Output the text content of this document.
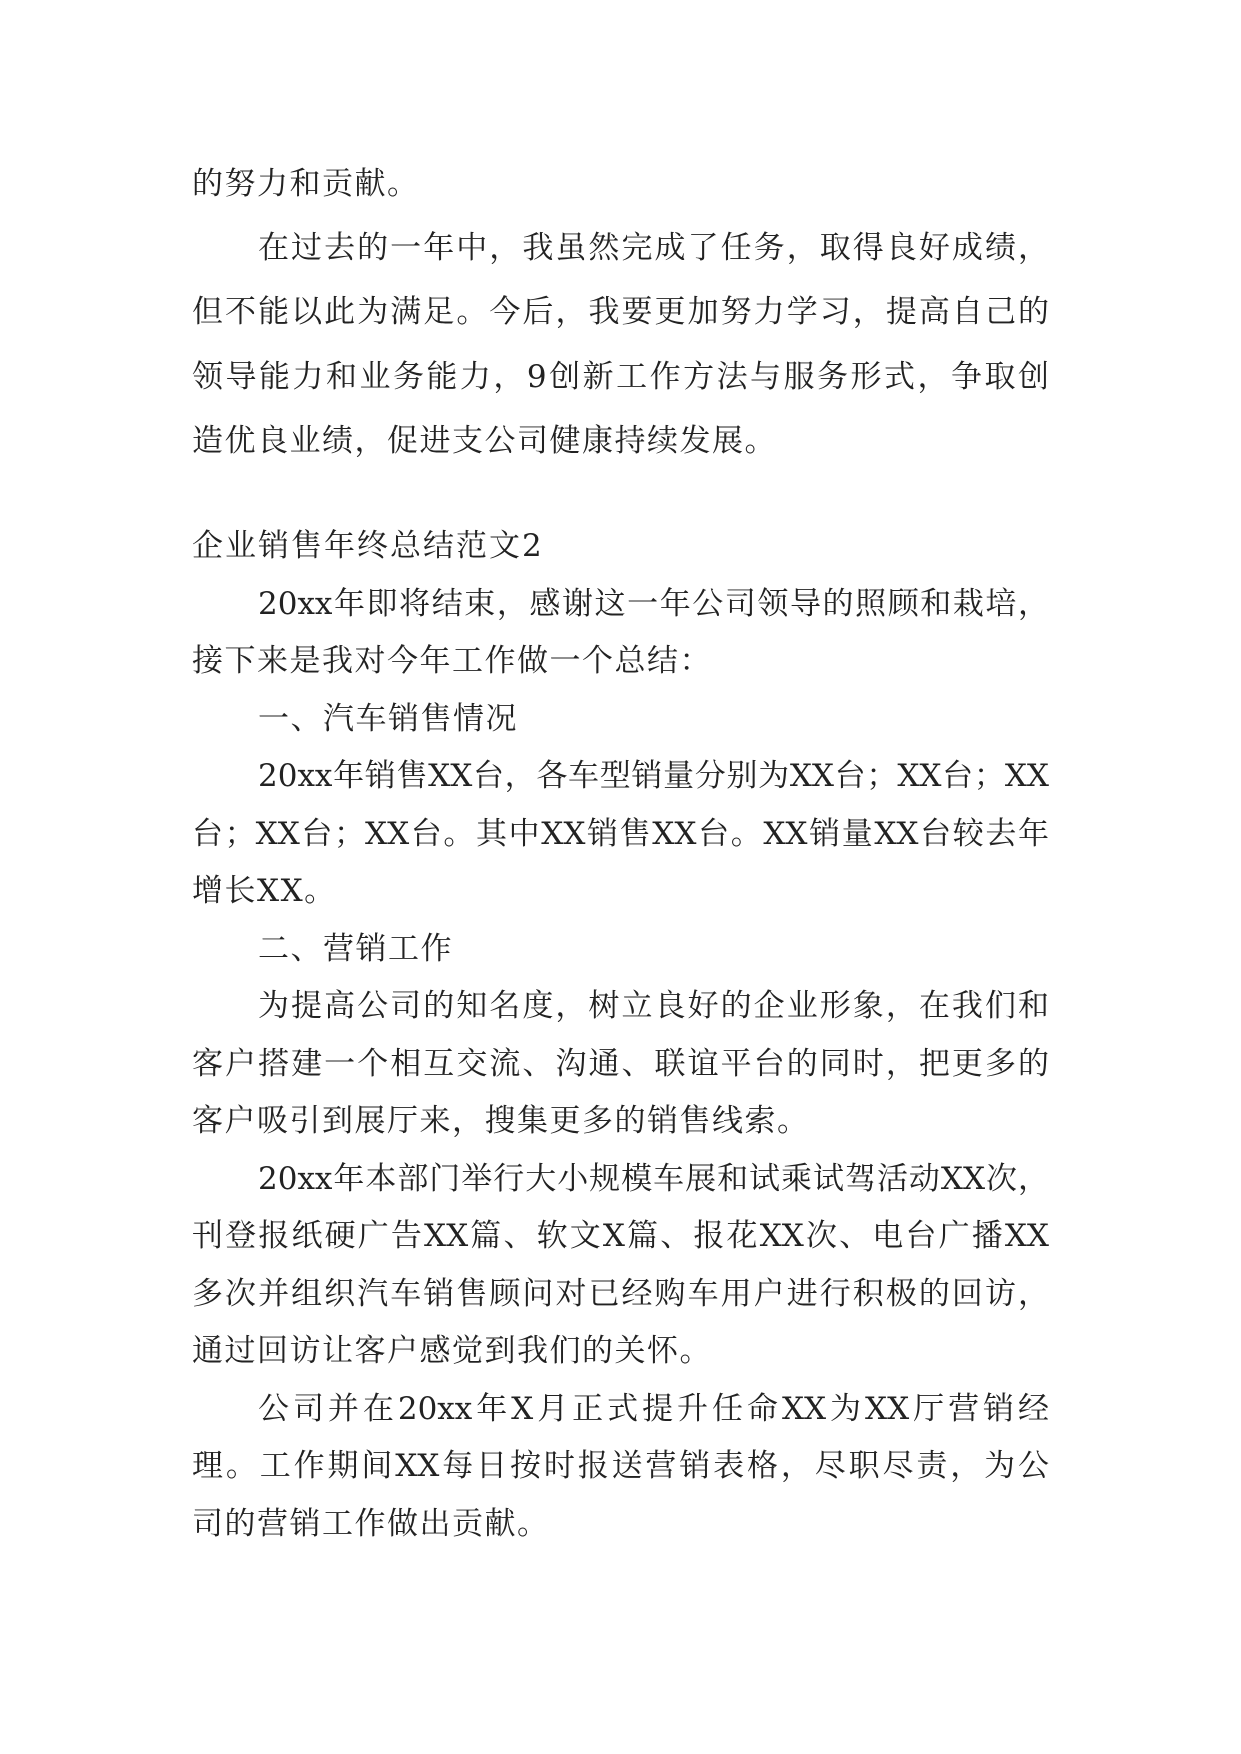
的努力和贡献。
在过去的一年中，我虽然完成了任务，取得良好成绩，
但不能以此为满足。今后，我要更加努力学习，提高自己的
领导能力和业务能力，9创新工作方法与服务形式，争取创
造优良业绩，促进支公司健康持续发展。
企业销售年终总结范文2
20xx年即将结束，感谢这一年公司领导的照顾和栽培，
接下来是我对今年工作做一个总结：
一、汽车销售情况
20xx年销售XX台，各车型销量分别为XX台；XX台；XX
台；XX台；XX台。其中XX销售XX台。XX销量XX台较去年
增长XX。
二、营销工作
为提高公司的知名度，树立良好的企业形象，在我们和
客户搭建一个相互交流、沟通、联谊平台的同时，把更多的
客户吸引到展厅来，搜集更多的销售线索。
20xx年本部门举行大小规模车展和试乘试驾活动XX次，
刊登报纸硬广告XX篇、软文X篇、报花XX次、电台广播XX
多次并组织汽车销售顾问对已经购车用户进行积极的回访，
通过回访让客户感觉到我们的关怀。
公司并在20xx年X月正式提升任命XX为XX厅营销经
理。工作期间XX每日按时报送营销表格，尽职尽责，为公
司的营销工作做出贡献。
